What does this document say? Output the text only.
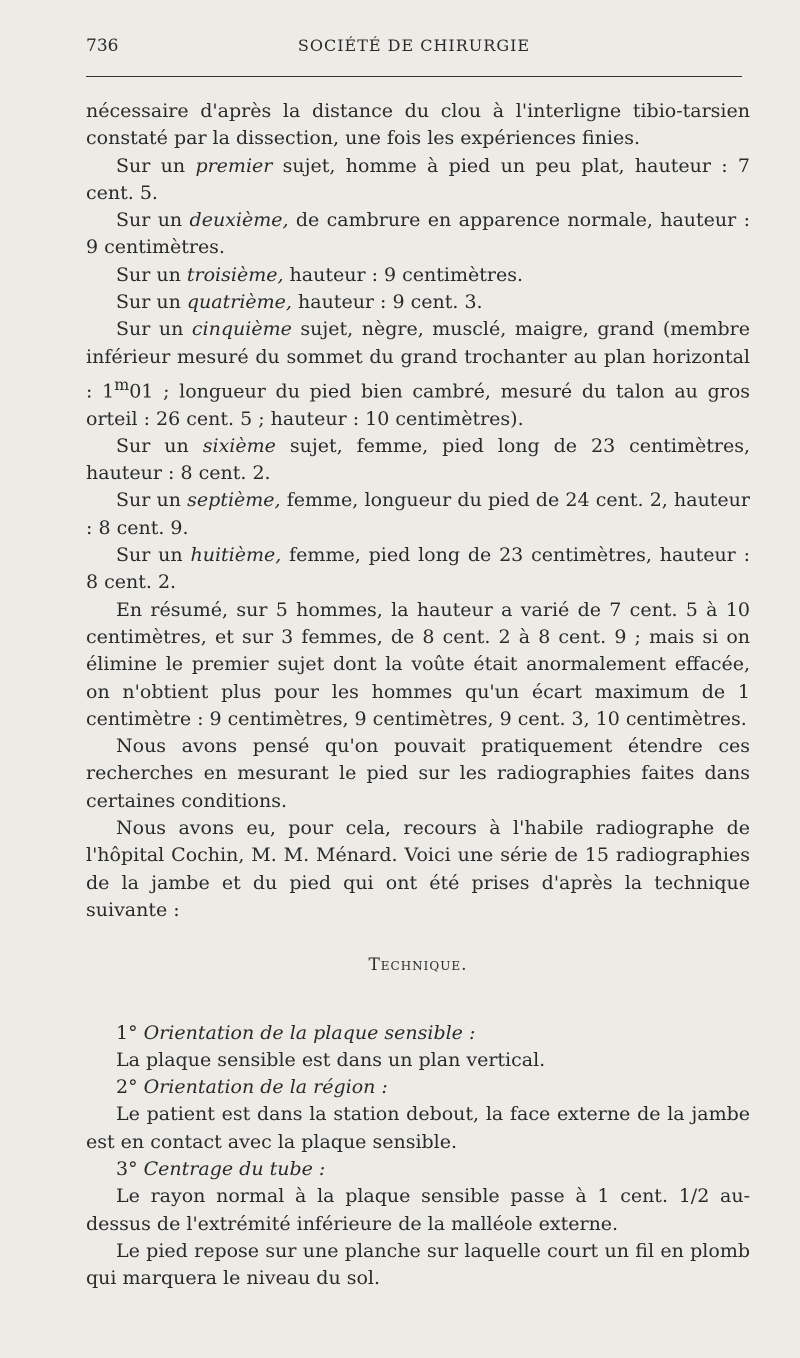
736	SOCIÉTÉ DE CHIRURGIE

nécessaire d'après la distance du clou à l'interligne tibio-tarsien constaté par la dissection, une fois les expériences finies.

Sur un premier sujet, homme à pied un peu plat, hauteur : 7 cent. 5.

Sur un deuxième, de cambrure en apparence normale, hauteur : 9 centimètres.

Sur un troisième, hauteur : 9 centimètres.

Sur un quatrième, hauteur : 9 cent. 3.

Sur un cinquième sujet, nègre, musclé, maigre, grand (membre inférieur mesuré du sommet du grand trochanter au plan horizontal : 1$^m$01 ; longueur du pied bien cambré, mesuré du talon au gros orteil : 26 cent. 5 ; hauteur : 10 centimètres).

Sur un sixième sujet, femme, pied long de 23 centimètres, hauteur : 8 cent. 2.

Sur un septième, femme, longueur du pied de 24 cent. 2, hauteur : 8 cent. 9.

Sur un huitième, femme, pied long de 23 centimètres, hauteur : 8 cent. 2.

En résumé, sur 5 hommes, la hauteur a varié de 7 cent. 5 à 10 centimètres, et sur 3 femmes, de 8 cent. 2 à 8 cent. 9 ; mais si on élimine le premier sujet dont la voûte était anormalement effacée, on n'obtient plus pour les hommes qu'un écart maximum de 1 centimètre : 9 centimètres, 9 centimètres, 9 cent. 3, 10 centimètres.

Nous avons pensé qu'on pouvait pratiquement étendre ces recherches en mesurant le pied sur les radiographies faites dans certaines conditions.

Nous avons eu, pour cela, recours à l'habile radiographe de l'hôpital Cochin, M. M. Ménard. Voici une série de 15 radiographies de la jambe et du pied qui ont été prises d'après la technique suivante :

Technique.

1° Orientation de la plaque sensible :

La plaque sensible est dans un plan vertical.

2° Orientation de la région :

Le patient est dans la station debout, la face externe de la jambe est en contact avec la plaque sensible.

3° Centrage du tube :

Le rayon normal à la plaque sensible passe à 1 cent. 1/2 au-dessus de l'extrémité inférieure de la malléole externe.

Le pied repose sur une planche sur laquelle court un fil en plomb qui marquera le niveau du sol.
